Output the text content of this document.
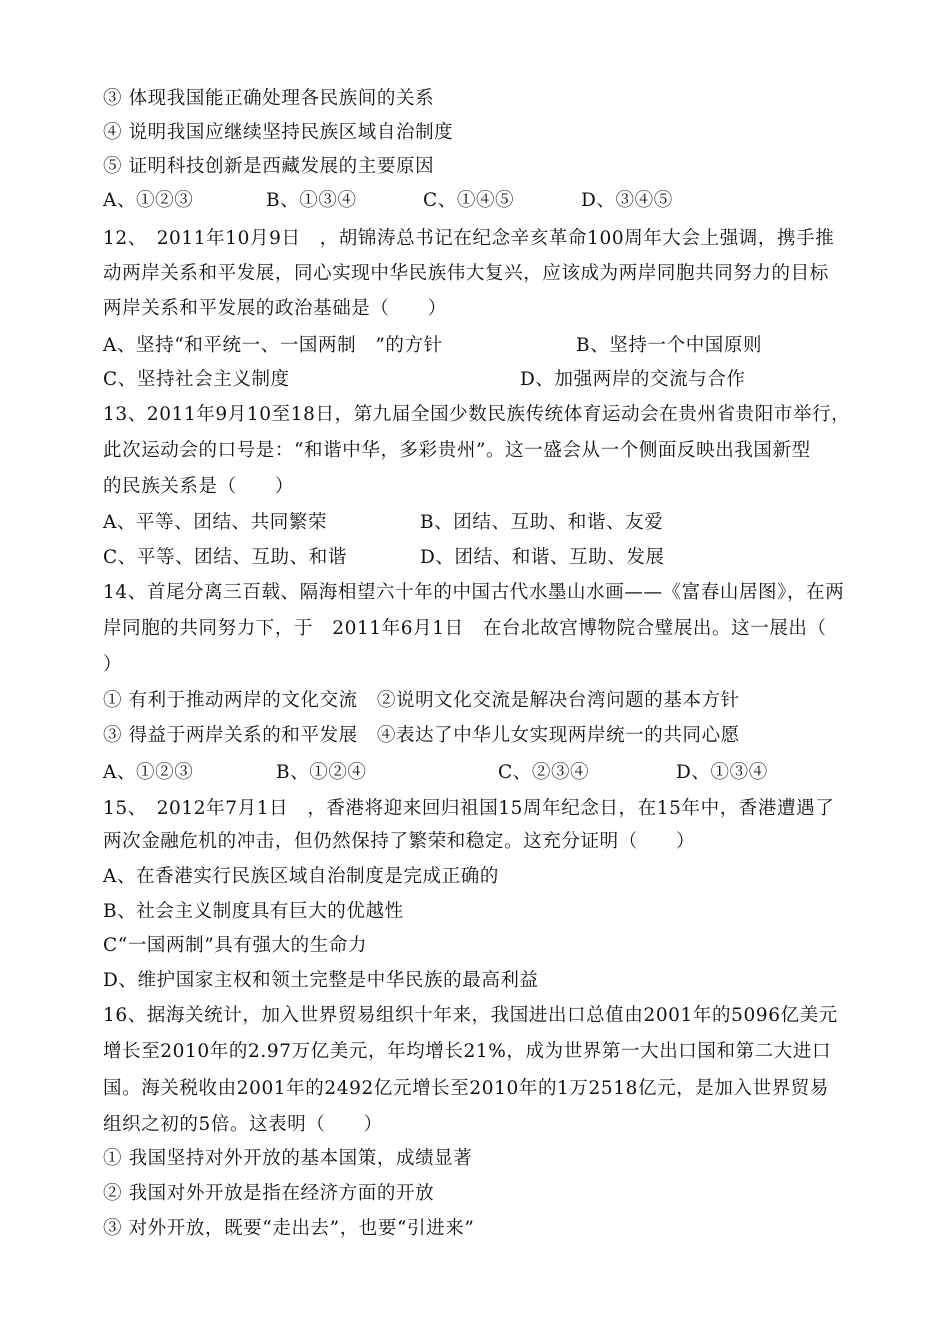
③ 体现我国能正确处理各民族间的关系
④ 说明我国应继续坚持民族区域自治制度
⑤ 证明科技创新是西藏发展的主要原因

A、①②③

	B、①③④

	C、①④⑤

	D、③④⑤

12、　2011年10月9日　，胡锦涛总书记在纪念辛亥革命100周年大会上强调，携手推
动两岸关系和平发展，同心实现中华民族伟大复兴，应该成为两岸同胞共同努力的目标
两岸关系和平发展的政治基础是（　　）

A、坚持“和平统一、一国两制　”的方针

	B、坚持一个中国原则

C、坚持社会主义制度

	D、加强两岸的交流与合作

13、2011年9月10至18日，第九届全国少数民族传统体育运动会在贵州省贵阳市举行，
此次运动会的口号是：“和谐中华，多彩贵州”。这一盛会从一个侧面反映出我国新型
的民族关系是（　　）

A、平等、团结、共同繁荣

	B、团结、互助、和谐、友爱

C、平等、团结、互助、和谐

	D、团结、和谐、互助、发展

14、首尾分离三百载、隔海相望六十年的中国古代水墨山水画——《富春山居图》，在两
岸同胞的共同努力下，于　2011年6月1日　在台北故宫博物院合璧展出。这一展出（
）
① 有利于推动两岸的文化交流　②说明文化交流是解决台湾问题的基本方针
③ 得益于两岸关系的和平发展　④表达了中华儿女实现两岸统一的共同心愿

A、①②③

	B、①②④

	C、②③④

	D、①③④

15、　2012年7月1日　，香港将迎来回归祖国15周年纪念日，在15年中，香港遭遇了
两次金融危机的冲击，但仍然保持了繁荣和稳定。这充分证明（　　）
A、在香港实行民族区域自治制度是完成正确的
B、社会主义制度具有巨大的优越性
C“一国两制”具有强大的生命力
D、维护国家主权和领土完整是中华民族的最高利益
16、据海关统计，加入世界贸易组织十年来，我国进出口总值由2001年的5096亿美元
增长至2010年的2.97万亿美元，年均增长21%，成为世界第一大出口国和第二大进口
国。海关税收由2001年的2492亿元增长至2010年的1万2518亿元，是加入世界贸易
组织之初的5倍。这表明（　　）
① 我国坚持对外开放的基本国策，成绩显著
② 我国对外开放是指在经济方面的开放
③ 对外开放，既要“走出去”，也要“引进来”
